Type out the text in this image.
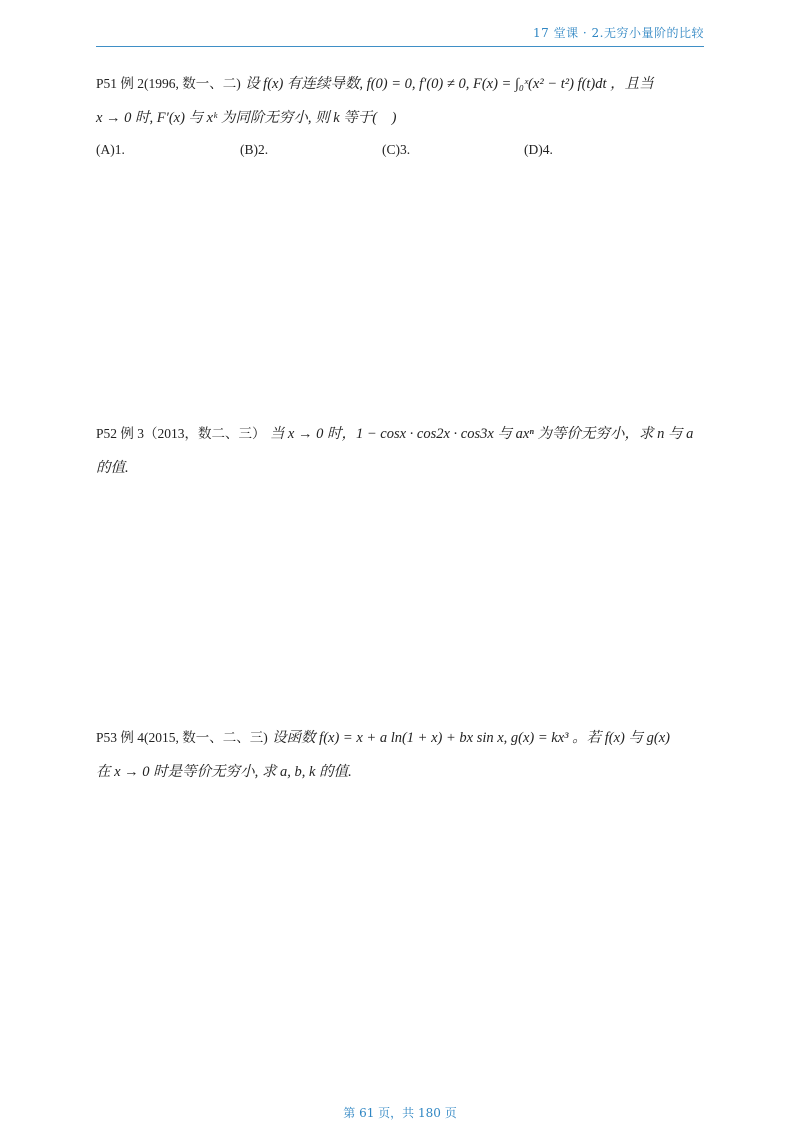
17 堂课 · 2.无穷小量阶的比较
P51 例 2(1996, 数一、二) 设 f(x) 有连续导数, f(0) = 0, f′(0) ≠ 0, F(x) = ∫₀ˣ(x² − t²) f(t)dt ，且当
x → 0 时, F′(x) 与 xᵏ 为同阶无穷小, 则 k 等于(　)
(A)1.	(B)2.	(C)3.	(D)4.
P52 例 3（2013，数二、三） 当 x → 0 时，1 − cosx · cos2x · cos3x 与 axⁿ 为等价无穷小，求 n 与 a
的值.
P53 例 4(2015, 数一、二、三) 设函数 f(x) = x + a ln(1 + x) + bx sin x, g(x) = kx³ 。若 f(x) 与 g(x)
在 x → 0 时是等价无穷小, 求 a, b, k 的值.
第 61 页，共 180 页
